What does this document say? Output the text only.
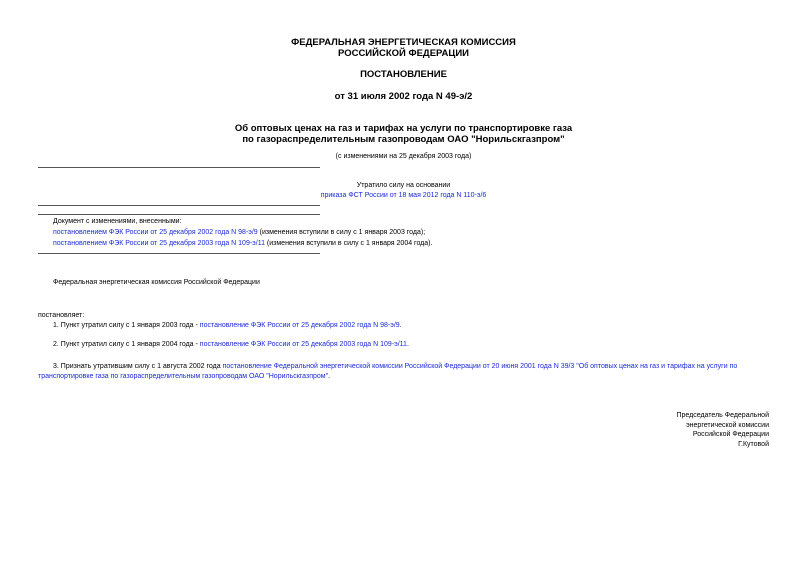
ФЕДЕРАЛЬНАЯ ЭНЕРГЕТИЧЕСКАЯ КОМИССИЯ
РОССИЙСКОЙ ФЕДЕРАЦИИ
ПОСТАНОВЛЕНИЕ
от 31 июля 2002 года N 49-э/2
Об оптовых ценах на газ и тарифах на услуги по транспортировке газа
по газораспределительным газопроводам ОАО "Норильскгазпром"
(с изменениями на 25 декабря 2003 года)
Утратило силу на основании
приказа ФСТ России от 18 мая 2012 года N 110-э/6
Документ с изменениями, внесенными:
постановлением ФЭК России от 25 декабря 2002 года N 98-э/9 (изменения вступили в силу с 1 января 2003 года);
постановлением ФЭК России от 25 декабря 2003 года N 109-э/11 (изменения вступили в силу с 1 января 2004 года).
Федеральная энергетическая комиссия Российской Федерации
постановляет:
1. Пункт утратил силу с 1 января 2003 года - постановление ФЭК России от 25 декабря 2002 года N 98-э/9.
2. Пункт утратил силу с 1 января 2004 года - постановление ФЭК России от 25 декабря 2003 года N 109-э/11.
3. Признать утратившим силу с 1 августа 2002 года постановление Федеральной энергетической комиссии Российской Федерации от 20 июня 2001 года N 39/3 "Об оптовых ценах на газ и тарифах на услуги по
транспортировке газа по газораспределительным газопроводам ОАО "Норильскгазпром".
Председатель Федеральной
энергетической комиссии
Российской Федерации
Г.Кутовой
